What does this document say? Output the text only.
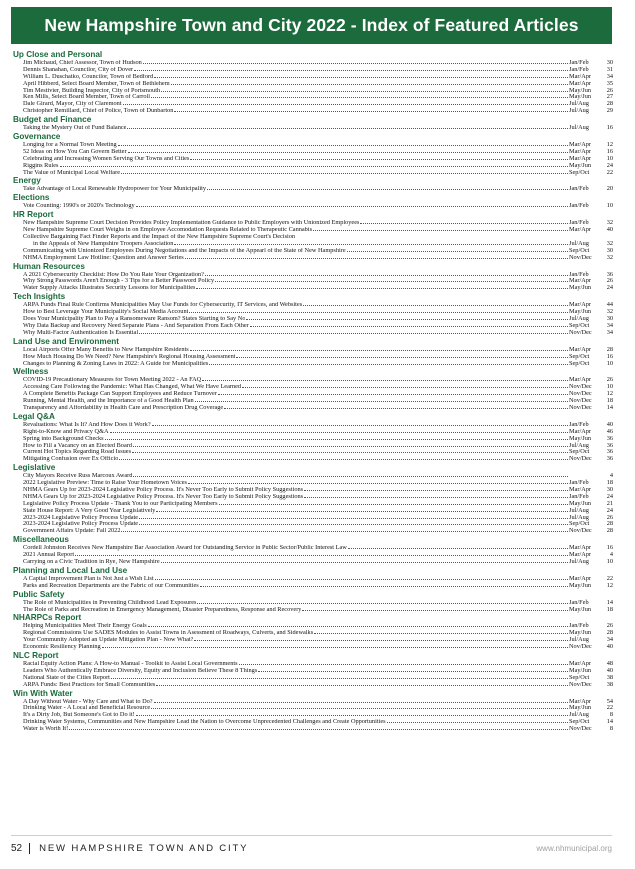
New Hampshire Town and City 2022 - Index of Featured Articles
Up Close and Personal
Jim Michaud, Chief Assessor, Town of Hudson	Jan/Feb	30
Dennis Shanahan, Councilor, City of Dover	Jan/Feb	31
William L. Duschatko, Councilor, Town of Bedford	Mar/Apr	34
April Hibberd, Select Board Member, Town of Bethlehem	Mar/Apr	35
Tim Mestivier, Building Inspector, City of Portsmouth	May/Jun	26
Ken Mills, Select Board Member, Town of Carroll	May/Jun	27
Dale Girard, Mayor, City of Claremont	Jul/Aug	28
Christopher Remillard, Chief of Police, Town of Dunbarton	Jul/Aug	29
Budget and Finance
Taking the Mystery Out of Fund Balance	Jul/Aug	16
Governance
Longing for a Normal Town Meeting	Mar/Apr	12
52 Ideas on How You Can Govern Better	Mar/Apr	16
Celebrating and Increasing Women Serving Our Towns and Cities	Mar/Apr	10
Riggins Rules	May/Jun	24
The Value of Municipal Local Welfare	Sep/Oct	22
Energy
Take Advantage of Local Renewable Hydropower for Your Municipality	Jan/Feb	20
Elections
Vote Counting: 1990's or 2020's Technology	Jan/Feb	10
HR Report
New Hampshire Supreme Court Decision Provides Policy Implementation Guidance to Public Employers with Unionized Employees	Jan/Feb	32
New Hampshire Supreme Court Weighs in on Employee Accomodation Requests Related to Therapeutic Cannabis	Mar/Apr	40
Collective Bargaining Fact Finder Reports and the Impact of the New Hampshire Supreme Court's Decision
in the Appeals of New Hampshire Troopers Association	Jul/Aug	32
Communicating with Unionized Employees During Negotiations and the Impacts of the Appearl of the State of New Hampshire	Sep/Oct	30
NHMA Employment Law Hotline: Question and Answer Series	Nov/Dec	32
Human Resources
A 2021 Cybersecurity Checklist: How Do You Rate Your Organization?	Jan/Feb	36
Why Strong Passwords Aren't Enough - 3 Tips for a Better Password Policy	Mar/Apr	26
Water Supply Attacks Illustrates Security Lessons for Municipalities	May/Jun	24
Tech Insights
ARPA Funds Final Rule Confirms Municipalities May Use Funds for Cybersecurity, IT Services, and Websites	Mar/Apr	44
How to Best Leverage Your Municipality's Social Media Account	May/Jun	32
Does Your Municipality Plan to Pay a Ransomeware Ransom? States Starting to Say No	Jul/Aug	30
Why Data Backup and Recovery Need Separate Plans - And Separation From Each Other	Sep/Oct	34
Why Multi-Factor Authentication Is Essential	Nov/Dec	34
Land Use and Environment
Local Airports Offer Many Benefits to New Hampshire Residents	Mar/Apr	28
How Much Housing Do We Need? New Hampshire's Regional Housing Assessment	Sep/Oct	16
Changes to Planning & Zoning Laws in 2022: A Guide for Municipalities	Sep/Oct	10
Wellness
COVID-19 Precautionary Measures for Town Meeting 2022 - An FAQ	Mar/Apr	26
Accessing Care Following the Pandemic: What Has Changed, What We Have Learned	Nov/Dec	10
A Complete Benefits Package Can Support Employees and Reduce Turnover	Nov/Dec	12
Running, Mental Health, and the Importance of a Good Health Plan	Nov/Dec	18
Transparency and Affordability in Health Care and Prescription Drug Coverage	Nov/Dec	14
Legal Q&A
Revaluations: What Is It? And How Does it Work?	Jan/Feb	40
Right-to-Know and Privacy Q&A	Mar/Apr	46
Spring into Background Checks	May/Jun	36
How to Fill a Vacancy on an Elected Board	Jul/Aug	36
Current Hot Topics Regarding Road Issues	Sep/Oct	36
Mitigating Confusion over Ex Officio	Nov/Dec	36
Legislative
City Mayors Receive Russ Marcoux Award	4
2022 Legislative Preview: Time to Raise Your Hometown Voices	Jan/Feb	18
NHMA Gears Up for 2023-2024 Legislative Policy Process. It's Never Too Early to Submit Policy Suggestions	Mar/Apr	30
NHMA Gears Up for 2023-2024 Legislative Policy Process. It's Never Too Early to Submit Policy Suggestions	Jan/Feb	24
Legislative Policy Process Update - Thank You to our Participating Members	May/Jun	21
State House Report: A Very Good Year Legislatively	Jul/Aug	24
2023-2024 Legislative Policy Process Update	Jul/Aug	26
2023-2024 Legislative Policy Process Update	Sep/Oct	28
Government Affairs Update: Fall 2022	Nov/Dec	28
Miscellaneous
Cordell Johnston Receives New Hampshire Bar Association Award for Outstanding Service in Public Sector/Public Interest Law	Mar/Apr	16
2021 Annual Report	Mar/Apr	4
Carrying on a Civic Tradition in Rye, New Hampshire	Jul/Aug	10
Planning and Local Land Use
A Capital Improvement Plan is Not Just a Wish List	Mar/Apr	22
Parks and Recreation Departments are the Fabric of our Communities	May/Jun	12
Public Safety
The Role of Municipalities in Preventing Childhood Lead Exposures	Jan/Feb	14
The Role of Parks and Recreation in Emergency Management, Disaster Preparedness, Response and Recovery	May/Jun	18
NHARPCs Report
Helping Municipalities Meet Their Energy Goals	Jan/Feb	26
Regional Commissions Use SADES Modules to Assist Towns in Asessment of Roadways, Culverts, and Sidewalks	May/Jun	28
Your Community Adopted an Update Mitigation Plan - Now What?	Jul/Aug	34
Economic Resiliency Planning	Nov/Dec	40
NLC Report
Racial Equity Action Plans: A How-to Manual - Toolkit to Assist Local Governments	Mar/Apr	48
Leaders Who Authentically Embrace Diversity, Equity and Inclusion Believe These 8 Things	May/Jun	40
National State of the Cities Report	Sep/Oct	38
ARPA Funds: Best Practices for Small Communities	Nov/Dec	38
Win With Water
A Day Without Water - Why Care and What to Do?	Mar/Apr	54
Drinking Water - A Local and Beneficial Resource	May/Jun	22
It's a Dirty Job, But Someone's Got to Do it!	Jul/Aug	8
Drinking Water Systems, Communities and New Hampshire Lead the Nation to Overcome Unprecedented Challenges and Create Opportunities	Sep/Oct	14
Water is Worth It!	Nov/Dec	8
52	NEW HAMPSHIRE TOWN AND CITY	www.nhmunicipal.org
